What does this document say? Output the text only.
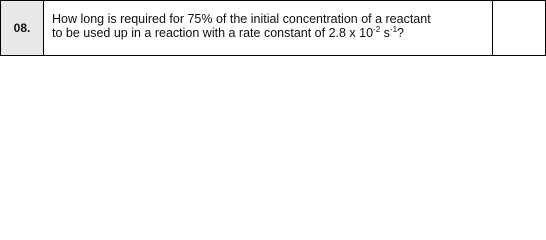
08.
How long is required for 75% of the initial concentration of a reactant
to be used up in a reaction with a rate constant of 2.8 x $10^{-2}$ $s^{-1}$?
